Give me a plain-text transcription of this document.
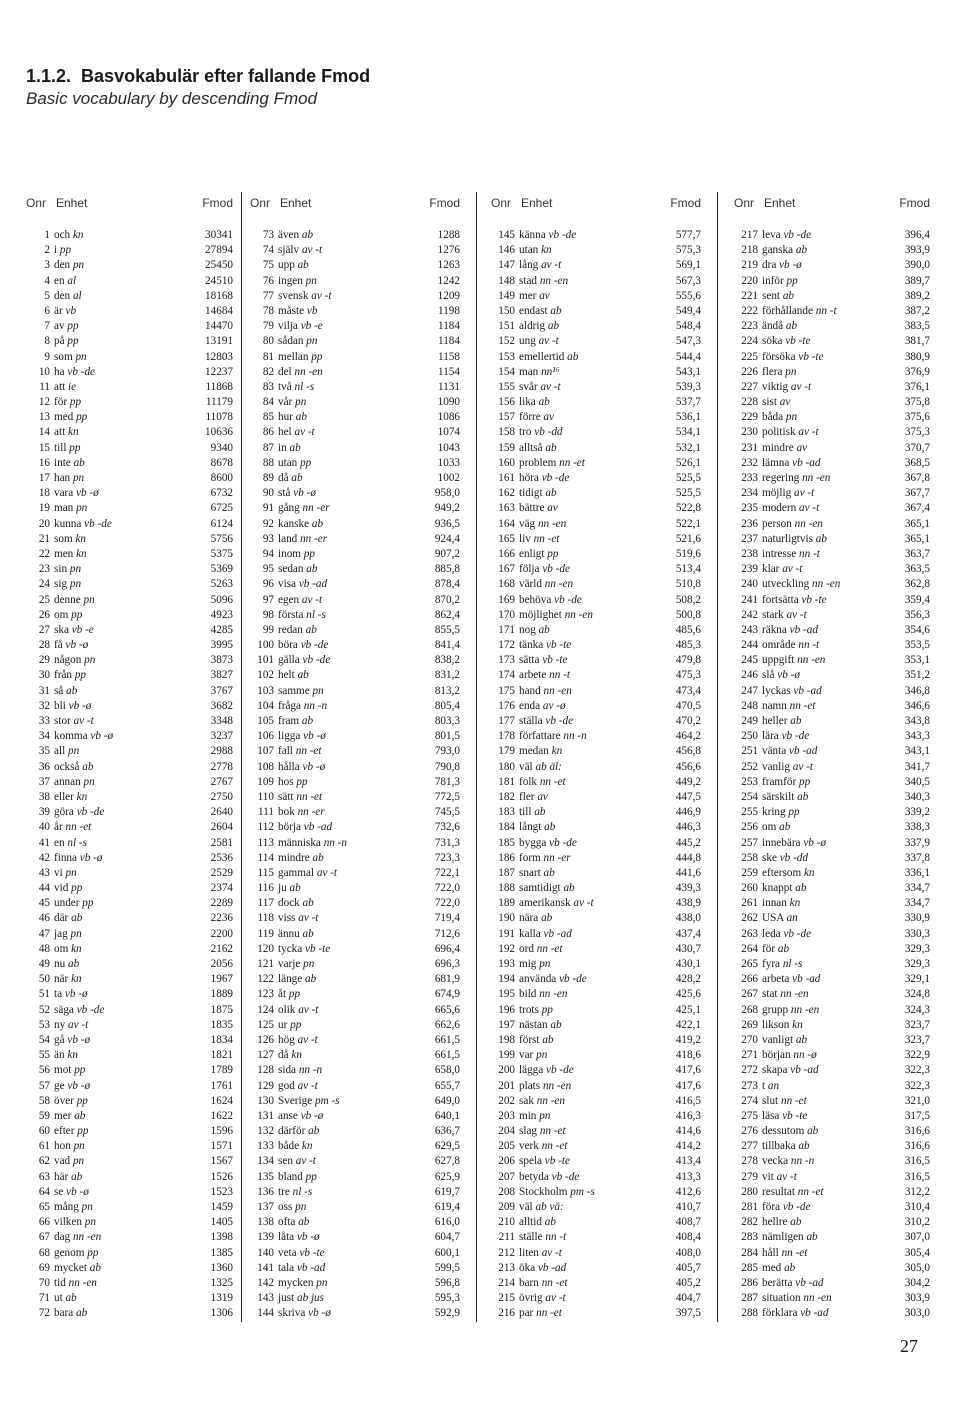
1.1.2. Basvokabulär efter fallande Fmod

Basic vocabulary by descending Fmod

Onr Enhet	Fmod
1 och kn	30341
2 i pp	27894
3 den pn	25450
4 en al	24510
5 den al	18168
6 är vb	14684
7 av pp	14470
8 på pp	13191
9 som pn	12803
10 ha vb -de	12237
11 att ie	11868
12 för pp	11179
13 med pp	11078
14 att kn	10636
15 till pp	9340
16 inte ab	8678
17 han pn	8600
18 vara vb -ø	6732
19 man pn	6725
20 kunna vb -de	6124
21 som kn	5756
22 men kn	5375
23 sin pn	5369
24 sig pn	5263
25 denne pn	5096
26 om pp	4923
27 ska vb -e	4285
28 få vb -ø	3995
29 någon pn	3873
30 från pp	3827
31 så ab	3767
32 bli vb -ø	3682
33 stor av -t	3348
34 komma vb -ø	3237
35 all pn	2988
36 också ab	2778
37 annan pn	2767
38 eller kn	2750
39 göra vb -de	2640
40 år nn -et	2604
41 en nl -s	2581
42 finna vb -ø	2536
43 vi pn	2529
44 vid pp	2374
45 under pp	2289
46 där ab	2236
47 jag pn	2200
48 om kn	2162
49 nu ab	2056
50 när kn	1967
51 ta vb -ø	1889
52 säga vb -de	1875
53 ny av -t	1835
54 gå vb -ø	1834
55 än kn	1821
56 mot pp	1789
57 ge vb -ø	1761
58 över pp	1624
59 mer ab	1622
60 efter pp	1596
61 hon pn	1571
62 vad pn	1567
63 här ab	1526
64 se vb -ø	1523
65 mång pn	1459
66 vilken pn	1405
67 dag nn -en	1398
68 genom pp	1385
69 mycket ab	1360
70 tid nn -en	1325
71 ut ab	1319
72 bara ab	1306
Onr Enhet	Fmod
73 även ab	1288
74 själv av -t	1276
75 upp ab	1263
76 ingen pn	1242
77 svensk av -t	1209
78 måste vb	1198
79 vilja vb -e	1184
80 sådan pn	1184
81 mellan pp	1158
82 del nn -en	1154
83 två nl -s	1131
84 vår pn	1090
85 hur ab	1086
86 hel av -t	1074
87 in ab	1043
88 utan pp	1033
89 då ab	1002
90 stå vb -ø	958,0
91 gång nn -er	949,2
92 kanske ab	936,5
93 land nn -er	924,4
94 inom pp	907,2
95 sedan ab	885,8
96 visa vb -ad	878,4
97 egen av -t	870,2
98 första nl -s	862,4
99 redan ab	855,5
100 böra vb -de	841,4
101 gälla vb -de	838,2
102 helt ab	831,2
103 samme pn	813,2
104 fråga nn -n	805,4
105 fram ab	803,3
106 ligga vb -ø	801,5
107 fall nn -et	793,0
108 hålla vb -ø	790,8
109 hos pp	781,3
110 sätt nn -et	772,5
111 bok nn -er	745,5
112 börja vb -ad	732,6
113 människa nn -n	731,3
114 mindre ab	723,3
115 gammal av -t	722,1
116 ju ab	722,0
117 dock ab	722,0
118 viss av -t	719,4
119 ännu ab	712,6
120 tycka vb -te	696,4
121 varje pn	696,3
122 länge ab	681,9
123 åt pp	674,9
124 olik av -t	665,6
125 ur pp	662,6
126 hög av -t	661,5
127 då kn	661,5
128 sida nn -n	658,0
129 god av -t	655,7
130 Sverige pm -s	649,0
131 anse vb -ø	640,1
132 därför ab	636,7
133 både kn	629,5
134 sen av -t	627,8
135 bland pp	625,9
136 tre nl -s	619,7
137 oss pn	619,4
138 ofta ab	616,0
139 låta vb -ø	604,7
140 veta vb -te	600,1
141 tala vb -ad	599,5
142 mycken pn	596,8
143 just ab jus	595,3
144 skriva vb -ø	592,9
Onr Enhet	Fmod
145 känna vb -de	577,7
146 utan kn	575,3
147 lång av -t	569,1
148 stad nn -en	567,3
149 mer av	555,6
150 endast ab	549,4
151 aldrig ab	548,4
152 ung av -t	547,3
153 emellertid ab	544,4
154 man nn¹⁶	543,1
155 svår av -t	539,3
156 lika ab	537,7
157 förre av	536,1
158 tro vb -dd	534,1
159 alltså ab	532,1
160 problem nn -et	526,1
161 höra vb -de	525,5
162 tidigt ab	525,5
163 bättre av	522,8
164 väg nn -en	522,1
165 liv nn -et	521,6
166 enligt pp	519,6
167 följa vb -de	513,4
168 värld nn -en	510,8
169 behöva vb -de	508,2
170 möjlighet nn -en	500,8
171 nog ab	485,6
172 tänka vb -te	485,3
173 sätta vb -te	479,8
174 arbete nn -t	475,3
175 hand nn -en	473,4
176 enda av -ø	470,5
177 ställa vb -de	470,2
178 författare nn -n	464,2
179 medan kn	456,8
180 väl ab äl:	456,6
181 folk nn -et	449,2
182 fler av	447,5
183 till ab	446,9
184 långt ab	446,3
185 bygga vb -de	445,2
186 form nn -er	444,8
187 snart ab	441,6
188 samtidigt ab	439,3
189 amerikansk av -t	438,9
190 nära ab	438,0
191 kalla vb -ad	437,4
192 ord nn -et	430,7
193 mig pn	430,1
194 använda vb -de	428,2
195 bild nn -en	425,6
196 trots pp	425,1
197 nästan ab	422,1
198 först ab	419,2
199 var pn	418,6
200 lägga vb -de	417,6
201 plats nn -en	417,6
202 sak nn -en	416,5
203 min pn	416,3
204 slag nn -et	414,6
205 verk nn -et	414,2
206 spela vb -te	413,4
207 betyda vb -de	413,3
208 Stockholm pm -s	412,6
209 väl ab vä:	410,7
210 alltid ab	408,7
211 ställe nn -t	408,4
212 liten av -t	408,0
213 öka vb -ad	405,7
214 barn nn -et	405,2
215 övrig av -t	404,7
216 par nn -et	397,5
Onr Enhet	Fmod
217 leva vb -de	396,4
218 ganska ab	393,9
219 dra vb -ø	390,0
220 inför pp	389,7
221 sent ab	389,2
222 förhållande nn -t	387,2
223 ändå ab	383,5
224 söka vb -te	381,7
225 försöka vb -te	380,9
226 flera pn	376,9
227 viktig av -t	376,1
228 sist av	375,8
229 båda pn	375,6
230 politisk av -t	375,3
231 mindre av	370,7
232 lämna vb -ad	368,5
233 regering nn -en	367,8
234 möjlig av -t	367,7
235 modern av -t	367,4
236 person nn -en	365,1
237 naturligtvis ab	365,1
238 intresse nn -t	363,7
239 klar av -t	363,5
240 utveckling nn -en	362,8
241 fortsätta vb -te	359,4
242 stark av -t	356,3
243 räkna vb -ad	354,6
244 område nn -t	353,5
245 uppgift nn -en	353,1
246 slå vb -ø	351,2
247 lyckas vb -ad	346,8
248 namn nn -et	346,6
249 heller ab	343,8
250 lära vb -de	343,3
251 vänta vb -ad	343,1
252 vanlig av -t	341,7
253 framför pp	340,5
254 särskilt ab	340,3
255 kring pp	339,2
256 om ab	338,3
257 innebära vb -ø	337,9
258 ske vb -dd	337,8
259 eftersom kn	336,1
260 knappt ab	334,7
261 innan kn	334,7
262 USA an	330,9
263 leda vb -de	330,3
264 för ab	329,3
265 fyra nl -s	329,3
266 arbeta vb -ad	329,1
267 stat nn -en	324,8
268 grupp nn -en	324,3
269 likson kn	323,7
270 vanligt ab	323,7
271 början nn -ø	322,9
272 skapa vb -ad	322,3
273 t an	322,3
274 slut nn -et	321,0
275 läsa vb -te	317,5
276 dessutom ab	316,6
277 tillbaka ab	316,6
278 vecka nn -n	316,5
279 vit av -t	316,5
280 resultat nn -et	312,2
281 föra vb -de	310,4
282 hellre ab	310,2
283 nämligen ab	307,0
284 håll nn -et	305,4
285 med ab	305,0
286 berätta vb -ad	304,2
287 situation nn -en	303,9
288 förklara vb -ad	303,0
27
